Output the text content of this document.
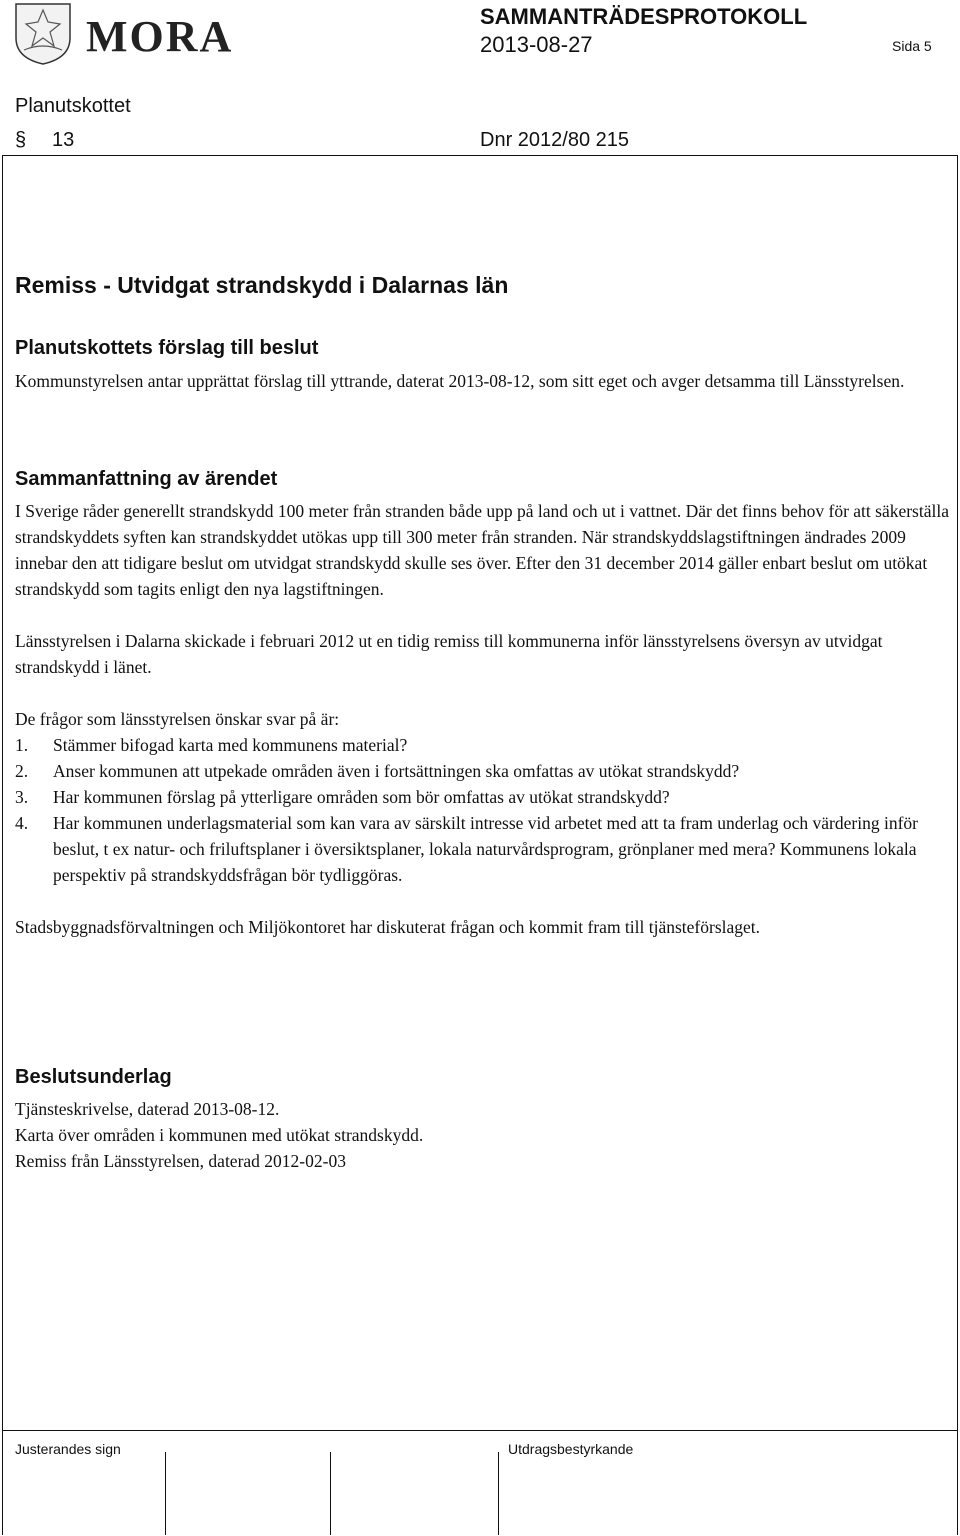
MORA	SAMMANTRÄDESPROTOKOLL
2013-08-27	Sida 5
Planutskottet
§ 13	Dnr 2012/80 215
Remiss - Utvidgat strandskydd i Dalarnas län
Planutskottets förslag till beslut

Kommunstyrelsen antar upprättat förslag till yttrande, daterat 2013-08-12, som sitt eget och avger detsamma till Länsstyrelsen.

Sammanfattning av ärendet

I Sverige råder generellt strandskydd 100 meter från stranden både upp på land och ut i vattnet. Där det finns behov för att säkerställa strandskyddets syften kan strandskyddet utökas upp till 300 meter från stranden. När strandskyddslagstiftningen ändrades 2009 innebar den att tidigare beslut om utvidgat strandskydd skulle ses över. Efter den 31 december 2014 gäller enbart beslut om utökat strandskydd som tagits enligt den nya lagstiftningen.

Länsstyrelsen i Dalarna skickade i februari 2012 ut en tidig remiss till kommunerna inför länsstyrelsens översyn av utvidgat strandskydd i länet.

De frågor som länsstyrelsen önskar svar på är:

1.	Stämmer bifogad karta med kommunens material?
2.	Anser kommunen att utpekade områden även i fortsättningen ska omfattas av utökat strandskydd?
3.	Har kommunen förslag på ytterligare områden som bör omfattas av utökat strandskydd?
4.	Har kommunen underlagsmaterial som kan vara av särskilt intresse vid arbetet med att ta fram underlag och värdering inför beslut, t ex natur- och friluftsplaner i översiktsplaner, lokala naturvårdsprogram, grönplaner med mera? Kommunens lokala perspektiv på strandskyddsfrågan bör tydliggöras.

Stadsbyggnadsförvaltningen och Miljökontoret har diskuterat frågan och kommit fram till tjänsteförslaget.

Beslutsunderlag

Tjänsteskrivelse, daterad 2013-08-12.

Karta över områden i kommunen med utökat strandskydd.

Remiss från Länsstyrelsen, daterad 2012-02-03

Justerandes sign	Utdragsbestyrkande
